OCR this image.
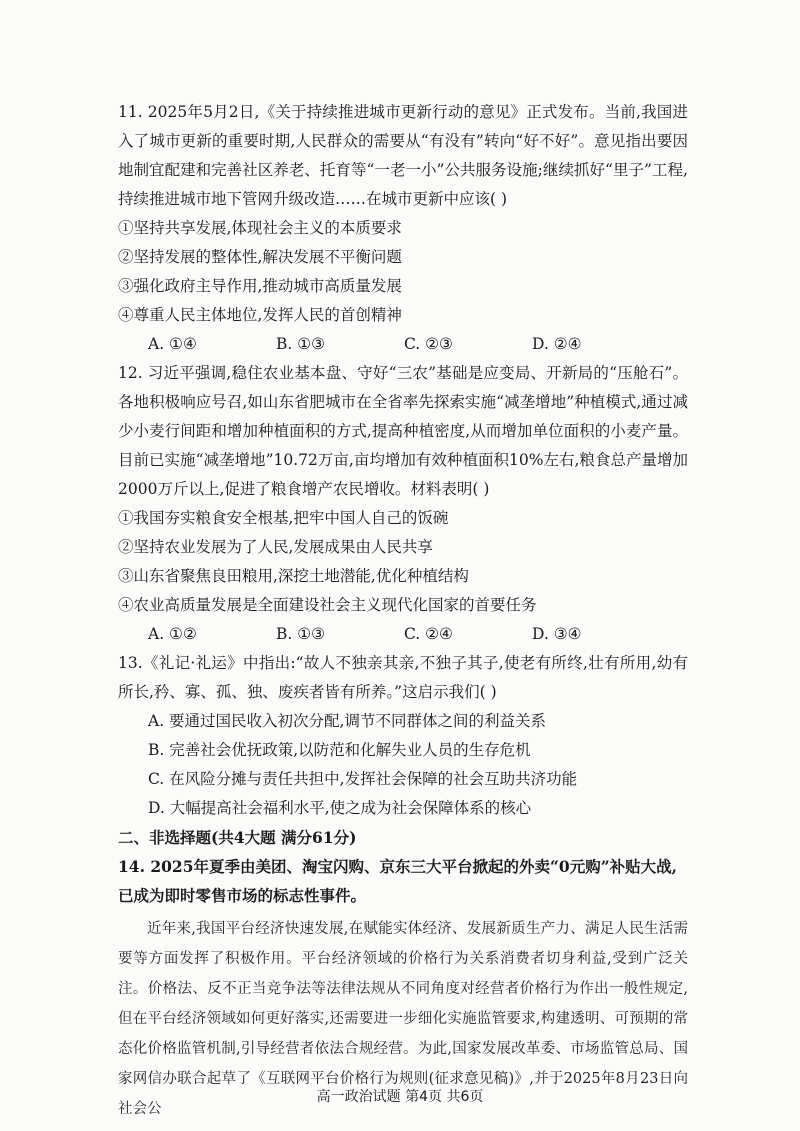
11. 2025年5月2日,《关于持续推进城市更新行动的意见》正式发布。当前,我国进入了城市更新的重要时期,人民群众的需要从“有没有”转向“好不好”。意见指出要因地制宜配建和完善社区养老、托育等“一老一小”公共服务设施;继续抓好“里子”工程,持续推进城市地下管网升级改造……在城市更新中应该( )

①坚持共享发展,体现社会主义的本质要求

②坚持发展的整体性,解决发展不平衡问题

③强化政府主导作用,推动城市高质量发展

④尊重人民主体地位,发挥人民的首创精神

A. ①④	B. ①③	C. ②③	D. ②④

12. 习近平强调,稳住农业基本盘、守好“三农”基础是应变局、开新局的“压舱石”。各地积极响应号召,如山东省肥城市在全省率先探索实施“减垄增地”种植模式,通过减少小麦行间距和增加种植面积的方式,提高种植密度,从而增加单位面积的小麦产量。目前已实施“减垄增地”10.72万亩,亩均增加有效种植面积10%左右,粮食总产量增加2000万斤以上,促进了粮食增产农民增收。材料表明( )

①我国夯实粮食安全根基,把牢中国人自己的饭碗

②坚持农业发展为了人民,发展成果由人民共享

③山东省聚焦良田粮用,深挖土地潜能,优化种植结构

④农业高质量发展是全面建设社会主义现代化国家的首要任务

A. ①②	B. ①③	C. ②④	D. ③④

13.《礼记·礼运》中指出:“故人不独亲其亲,不独子其子,使老有所终,壮有所用,幼有所长,矜、寡、孤、独、废疾者皆有所养。”这启示我们( )

A. 要通过国民收入初次分配,调节不同群体之间的利益关系

B. 完善社会优抚政策,以防范和化解失业人员的生存危机

C. 在风险分摊与责任共担中,发挥社会保障的社会互助共济功能

D. 大幅提高社会福利水平,使之成为社会保障体系的核心

二、非选择题(共4大题 满分61分)

14. 2025年夏季由美团、淘宝闪购、京东三大平台掀起的外卖“0元购”补贴大战,已成为即时零售市场的标志性事件。

近年来,我国平台经济快速发展,在赋能实体经济、发展新质生产力、满足人民生活需要等方面发挥了积极作用。平台经济领域的价格行为关系消费者切身利益,受到广泛关注。价格法、反不正当竞争法等法律法规从不同角度对经营者价格行为作出一般性规定,但在平台经济领域如何更好落实,还需要进一步细化实施监管要求,构建透明、可预期的常态化价格监管机制,引导经营者依法合规经营。为此,国家发展改革委、市场监管总局、国家网信办联合起草了《互联网平台价格行为规则(征求意见稿)》,并于2025年8月23日向社会公

高一政治试题 第4页 共6页
